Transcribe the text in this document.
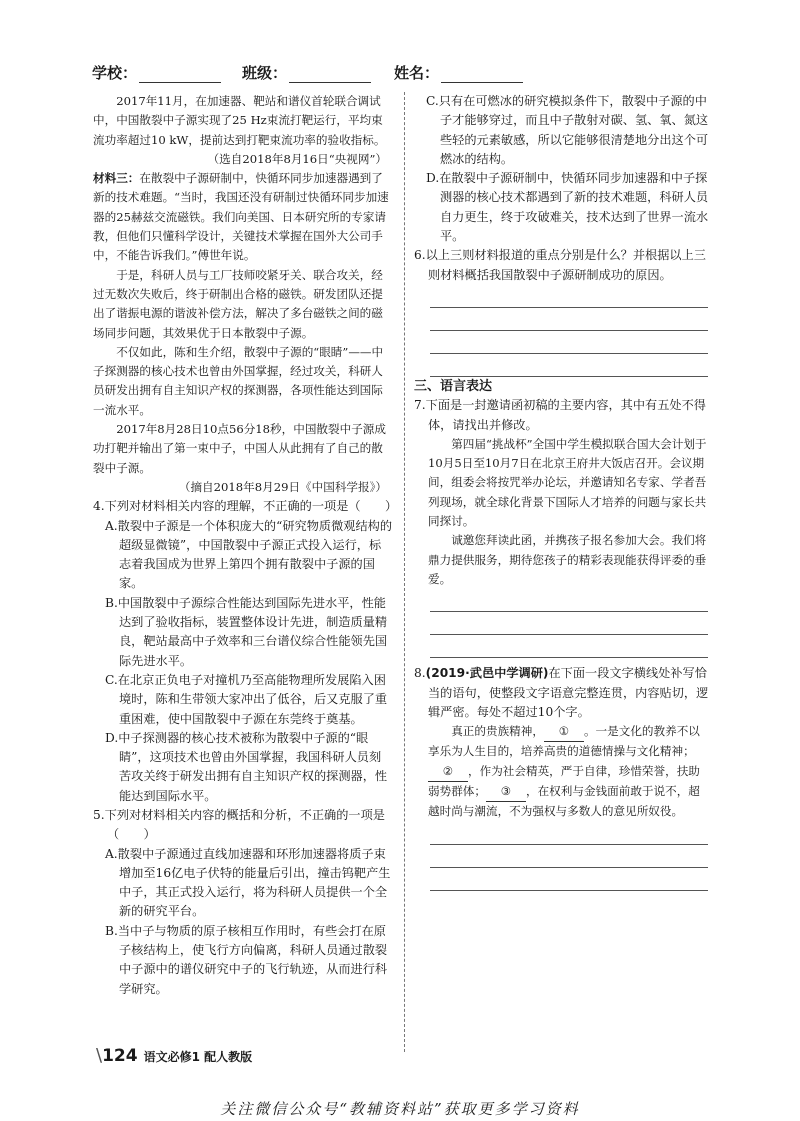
学校：	班级：	姓名：

2017年11月，在加速器、靶站和谱仪首轮联合调试中，中国散裂中子源实现了25 Hz束流打靶运行，平均束流功率超过10 kW，提前达到打靶束流功率的验收指标。

（选自2018年8月16日“央视网”）

材料三：在散裂中子源研制中，快循环同步加速器遇到了新的技术难题。“当时，我国还没有研制过快循环同步加速器的25赫兹交流磁铁。我们向美国、日本研究所的专家请教，但他们只懂科学设计，关键技术掌握在国外大公司手中，不能告诉我们。”傅世年说。

于是，科研人员与工厂技师咬紧牙关、联合攻关，经过无数次失败后，终于研制出合格的磁铁。研发团队还提出了谐振电源的谐波补偿方法，解决了多台磁铁之间的磁场同步问题，其效果优于日本散裂中子源。

不仅如此，陈和生介绍，散裂中子源的“眼睛”——中子探测器的核心技术也曾由外国掌握，经过攻关，科研人员研发出拥有自主知识产权的探测器，各项性能达到国际一流水平。

2017年8月28日10点56分18秒，中国散裂中子源成功打靶并输出了第一束中子，中国人从此拥有了自己的散裂中子源。

（摘自2018年8月29日《中国科学报》）

4.下列对材料相关内容的理解，不正确的一项是（　　）

A.散裂中子源是一个体积庞大的“研究物质微观结构的超级显微镜”，中国散裂中子源正式投入运行，标志着我国成为世界上第四个拥有散裂中子源的国家。

B.中国散裂中子源综合性能达到国际先进水平，性能达到了验收指标，装置整体设计先进，制造质量精良，靶站最高中子效率和三台谱仪综合性能领先国际先进水平。

C.在北京正负电子对撞机乃至高能物理所发展陷入困境时，陈和生带领大家冲出了低谷，后又克服了重重困难，使中国散裂中子源在东莞终于奠基。

D.中子探测器的核心技术被称为散裂中子源的“眼睛”，这项技术也曾由外国掌握，我国科研人员刻苦攻关终于研发出拥有自主知识产权的探测器，性能达到国际水平。

5.下列对材料相关内容的概括和分析，不正确的一项是（　　）

A.散裂中子源通过直线加速器和环形加速器将质子束增加至16亿电子伏特的能量后引出，撞击钨靶产生中子，其正式投入运行，将为科研人员提供一个全新的研究平台。

B.当中子与物质的原子核相互作用时，有些会打在原子核结构上，使飞行方向偏离，科研人员通过散裂中子源中的谱仪研究中子的飞行轨迹，从而进行科学研究。

C.只有在可燃冰的研究模拟条件下，散裂中子源的中子才能够穿过，而且中子散射对碳、氢、氧、氮这些轻的元素敏感，所以它能够很清楚地分出这个可燃冰的结构。

D.在散裂中子源研制中，快循环同步加速器和中子探测器的核心技术都遇到了新的技术难题，科研人员自力更生，终于攻破难关，技术达到了世界一流水平。

6.以上三则材料报道的重点分别是什么？并根据以上三则材料概括我国散裂中子源研制成功的原因。

三、语言表达

7.下面是一封邀请函初稿的主要内容，其中有五处不得体，请找出并修改。

第四届“挑战杯”全国中学生模拟联合国大会计划于10月5日至10月7日在北京王府井大饭店召开。会议期间，组委会将按咒举办论坛，并邀请知名专家、学者吾列现场，就全球化背景下国际人才培养的问题与家长共同探讨。

诚邀您拜读此函，并携孩子报名参加大会。我们将鼎力提供服务，期待您孩子的精彩表现能获得评委的垂爱。

8.(2019·武邑中学调研)在下面一段文字横线处补写恰当的语句，使整段文字语意完整连贯，内容贴切，逻辑严密。每处不超过10个字。

真正的贵族精神， ① 。一是文化的教养不以享乐为人生目的，培养高贵的道德情操与文化精神；② ，作为社会精英，严于自律，珍惜荣誉，扶助弱势群体； ③ ，在权利与金钱面前敢于说不，超越时尚与潮流，不为强权与多数人的意见所奴役。

\124 语文必修1 配人教版
关注微信公众号“教辅资料站”获取更多学习资料
